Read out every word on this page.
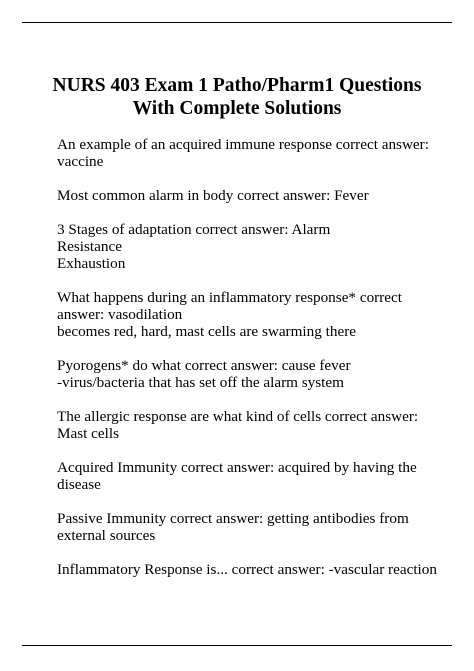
NURS 403 Exam 1 Patho/Pharm1 Questions
With Complete Solutions
An example of an acquired immune response correct answer:
vaccine
Most common alarm in body correct answer: Fever
3 Stages of adaptation correct answer: Alarm
Resistance
Exhaustion
What happens during an inflammatory response* correct
answer: vasodilation
becomes red, hard, mast cells are swarming there
Pyorogens* do what correct answer: cause fever
-virus/bacteria that has set off the alarm system
The allergic response are what kind of cells correct answer:
Mast cells
Acquired Immunity correct answer: acquired by having the
disease
Passive Immunity correct answer: getting antibodies from
external sources
Inflammatory Response is... correct answer: -vascular reaction
